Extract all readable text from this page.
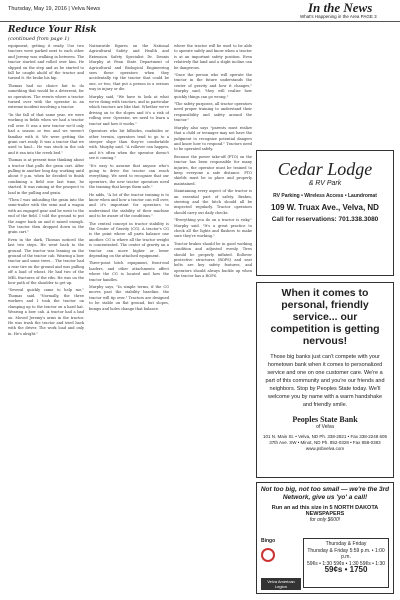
Thursday, May 19, 2016 | Velva News	In the News
What's Happening in the Area PAGE 3
Reduce Your Risk
(continued from page 1)

equipment, getting it ready. Use two tractors were parked next to each other and Jeremy was walking in between. The tractor started and rolled over him. He slipped on the step and as he started to fall he caught ahold of the tractor and turned it. He broke his hip.

Thomas had no choice but to do something that would be a deterrent, for us operators. The events where a tractor turned over with the operator in an extreme incident involving a tractor.

"In the fall of that same year, we were working in fields when we had a tractor roll over. It was a new tractor we'd only had a season or two and we weren't familiar with it. We were getting the grain cart ready. It was a tractor that we used to haul... He was stuck in the cab and it ran into the creek bed."

Thomas is at present time thinking about a tractor that pulls the grain cart. After pulling in another long day, working until about 9 p.m. when he decided to finish combining a field one last time, he started. It was raining at the prospect to load in the pulling and grain.

"Then I was unloading the grain into the semi-trailer with the semi and a wagon with an engaged gear and he went to the end of the field. I told the ground to put the auger back on and it raised enough. The tractor then dropped down in the grain cart."

Even in the dark, Thomas noticed the last two steps. He went back to the ground. The tractor was leaning on the ground of the tractor cab. Wearing a bow tractor and some trees... The tractor had a rear tire on the ground and was pulling off a load of wheat. He had two of the MEL fractures of the ribs. He was on the bow path of the shoulder to get up.

"Several quickly came to help me," Thomas said. "Normally, the three workers and I took the tractor on clamping up to the tractor on a hard hat. Wearing a bow cab. A tractor had a bad on. Moved Jeremy's arms in the tractor. He was trash the tractor and tried back with the driver. The work load and only in. He's alright."

Nationwide figures on the National Agricultural Safety and Health and Extension Safety Specialist Dr. Dennis Murphy at Penn State Department of Agricultural and Biological Engineering sees these operators when they accidentally tip the tractor that could be one, or two, that put a person in a serious way in injury or die.

Murphy said, "We have to look at what we're doing with tractors, and in particular which tractors are like that. Whether we're driving on to the slopes and it's a risk of rolling over. Operator, we need to learn a tractor and how it works."

Operators who hit hillsides, roadsides or other terrain, operators tend to go to a steeper slope than they're comfortable with. Murphy said, "A rollover can happen, and it's often when the operator doesn't see it coming."

"It's easy to assume that anyone who's going to drive the tractor can reach everything. We need to recognize that our operators, the new tractor operators need the training that keeps them safe."

He adds, "A lot of the tractor training is to know when and how a tractor can roll over, and it's important for operators to understand the stability of their machine and to be aware of the conditions."

The central concept in tractor stability is the Center of Gravity (CG). A tractor's CG is the point where all parts balance one another. CG is where all the tractor weight is concentrated. The center of gravity on a tractor can move higher or lower depending on the attached equipment.

Three-point hitch equipment, front-end loaders, and other attachments affect where the CG is located and how the tractor handles.

Murphy says, "In simple terms, if the CG moves past the stability baseline, the tractor will tip over." Tractors are designed to be stable on flat ground, but slopes, bumps and holes change that balance.

where the tractor will be used to be able to operate safely and know when a tractor is at an important safety position. Even relatively flat land and a slight incline can be dangerous.

"Once the person who will operate the tractor in the future understands the center of gravity and how it changes," Murphy said, "they will realize how quickly things can go wrong."

"The safety purposes, all tractor operators need proper training to understand their responsibility and safety around the tractor."

Murphy also says "parents must realize that a child or teenager may not have the judgment to recognize potential dangers and know how to respond." Tractors need to be operated safely.

Because the power take-off (PTO) on the tractor has been responsible for many injuries, the operator must be trained to keep everyone a safe distance. PTO shields must be in place and properly maintained.

Maintaining every aspect of the tractor is an essential part of safety. Brakes, steering and the hitch should all be inspected regularly. Tractor operators should carry out daily checks.

"Everything you do on a tractor is risky," Murphy said. "It's a great practice to check all the lights and flashers to make sure they're working."

Tractor brakes should be in good working condition and adjusted evenly. Tires should be properly inflated. Rollover protective structures (ROPS) and seat belts are key safety features, and operators should always buckle up when the tractor has a ROPS.

Cedar Lodge
& RV Park
RV Parking • Wireless Access • Laundromat
109 W. Truax Ave., Velva, ND
Call for reservations: 701.338.3080
When it comes to personal, friendly service... our competition is getting nervous!
Those big banks just can't compete with your hometown bank when it comes to personalized service and one on one customer care. We're a part of this community and you're our friends and neighbors. Stop by Peoples State today. We'll welcome you by name with a warm handshake and friendly smile.
Peoples State Bank
of Velva
101 N. Main St. • Velva, ND Ph. 338-2821 • Fax 338-2248 605 37th Ave. SW • Minot, ND Ph. 852-0328 • Fax 858-0383 www.psbvelva.com
Not too big, not too small — we're the 3rd Network, give us 'yo' a call!
Run an ad this size in 5 NORTH DAKOTA NEWSPAPERS
for only $600!
Bingo	Thursday & Friday
Thursday & Friday 5:59 p.m. • 1:00 p.m.
59¢s • 1:30 59¢s • 1:30 59¢s • 1:30
59¢s • 1750
Velva American Legion
